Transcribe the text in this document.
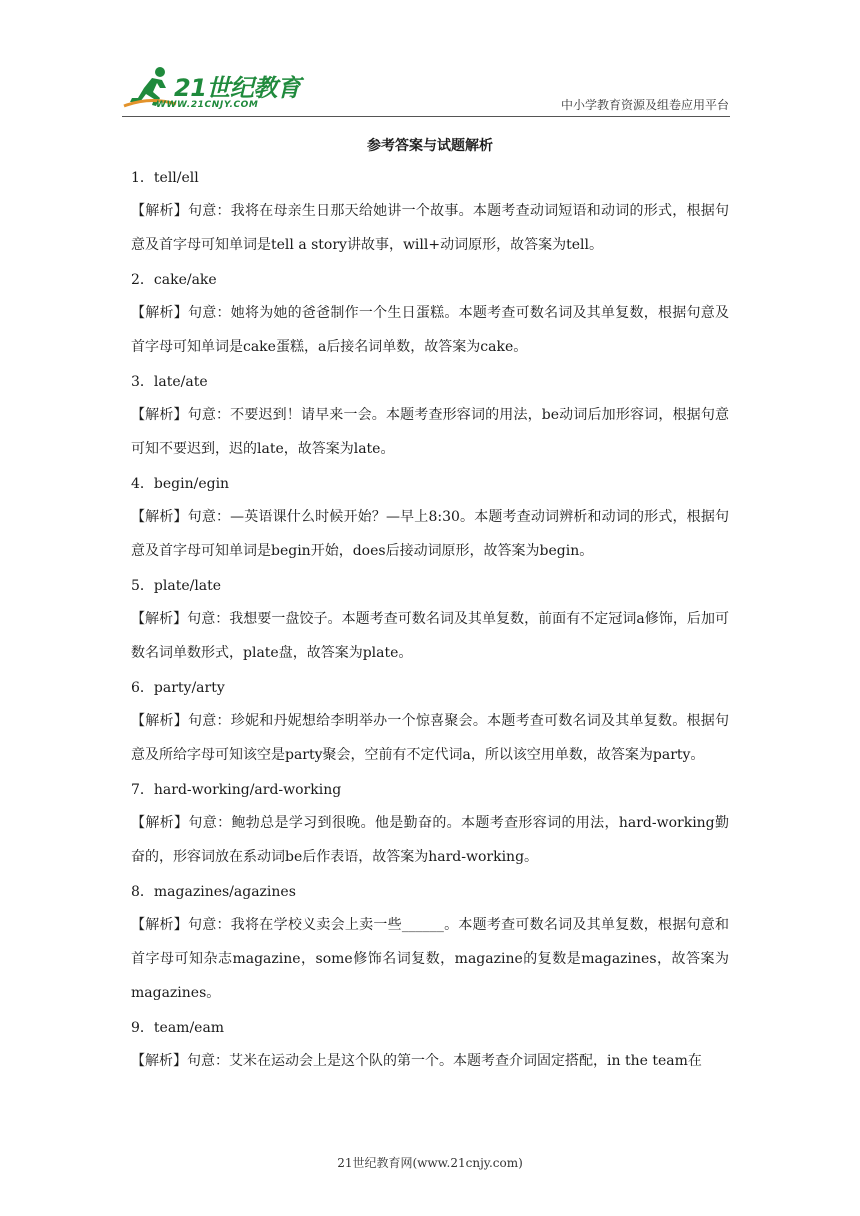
21世纪教育
WWW.21CNJY.COM	中小学教育资源及组卷应用平台
参考答案与试题解析
1．tell/ell
【解析】句意：我将在母亲生日那天给她讲一个故事。本题考查动词短语和动词的形式，根据句意及首字母可知单词是tell a story讲故事，will+动词原形，故答案为tell。
2．cake/ake
【解析】句意：她将为她的爸爸制作一个生日蛋糕。本题考查可数名词及其单复数，根据句意及首字母可知单词是cake蛋糕，a后接名词单数，故答案为cake。
3．late/ate
【解析】句意：不要迟到！请早来一会。本题考查形容词的用法，be动词后加形容词，根据句意可知不要迟到，迟的late，故答案为late。
4．begin/egin
【解析】句意：—英语课什么时候开始？—早上8:30。本题考查动词辨析和动词的形式，根据句意及首字母可知单词是begin开始，does后接动词原形，故答案为begin。
5．plate/late
【解析】句意：我想要一盘饺子。本题考查可数名词及其单复数，前面有不定冠词a修饰，后加可数名词单数形式，plate盘，故答案为plate。
6．party/arty
【解析】句意：珍妮和丹妮想给李明举办一个惊喜聚会。本题考查可数名词及其单复数。根据句意及所给字母可知该空是party聚会，空前有不定代词a，所以该空用单数，故答案为party。
7．hard-working/ard-working
【解析】句意：鲍勃总是学习到很晚。他是勤奋的。本题考查形容词的用法，hard-working勤奋的，形容词放在系动词be后作表语，故答案为hard-working。
8．magazines/agazines
【解析】句意：我将在学校义卖会上卖一些______。本题考查可数名词及其单复数，根据句意和首字母可知杂志magazine，some修饰名词复数，magazine的复数是magazines，故答案为magazines。
9．team/eam
【解析】句意：艾米在运动会上是这个队的第一个。本题考查介词固定搭配，in the team在
21世纪教育网(www.21cnjy.com)
